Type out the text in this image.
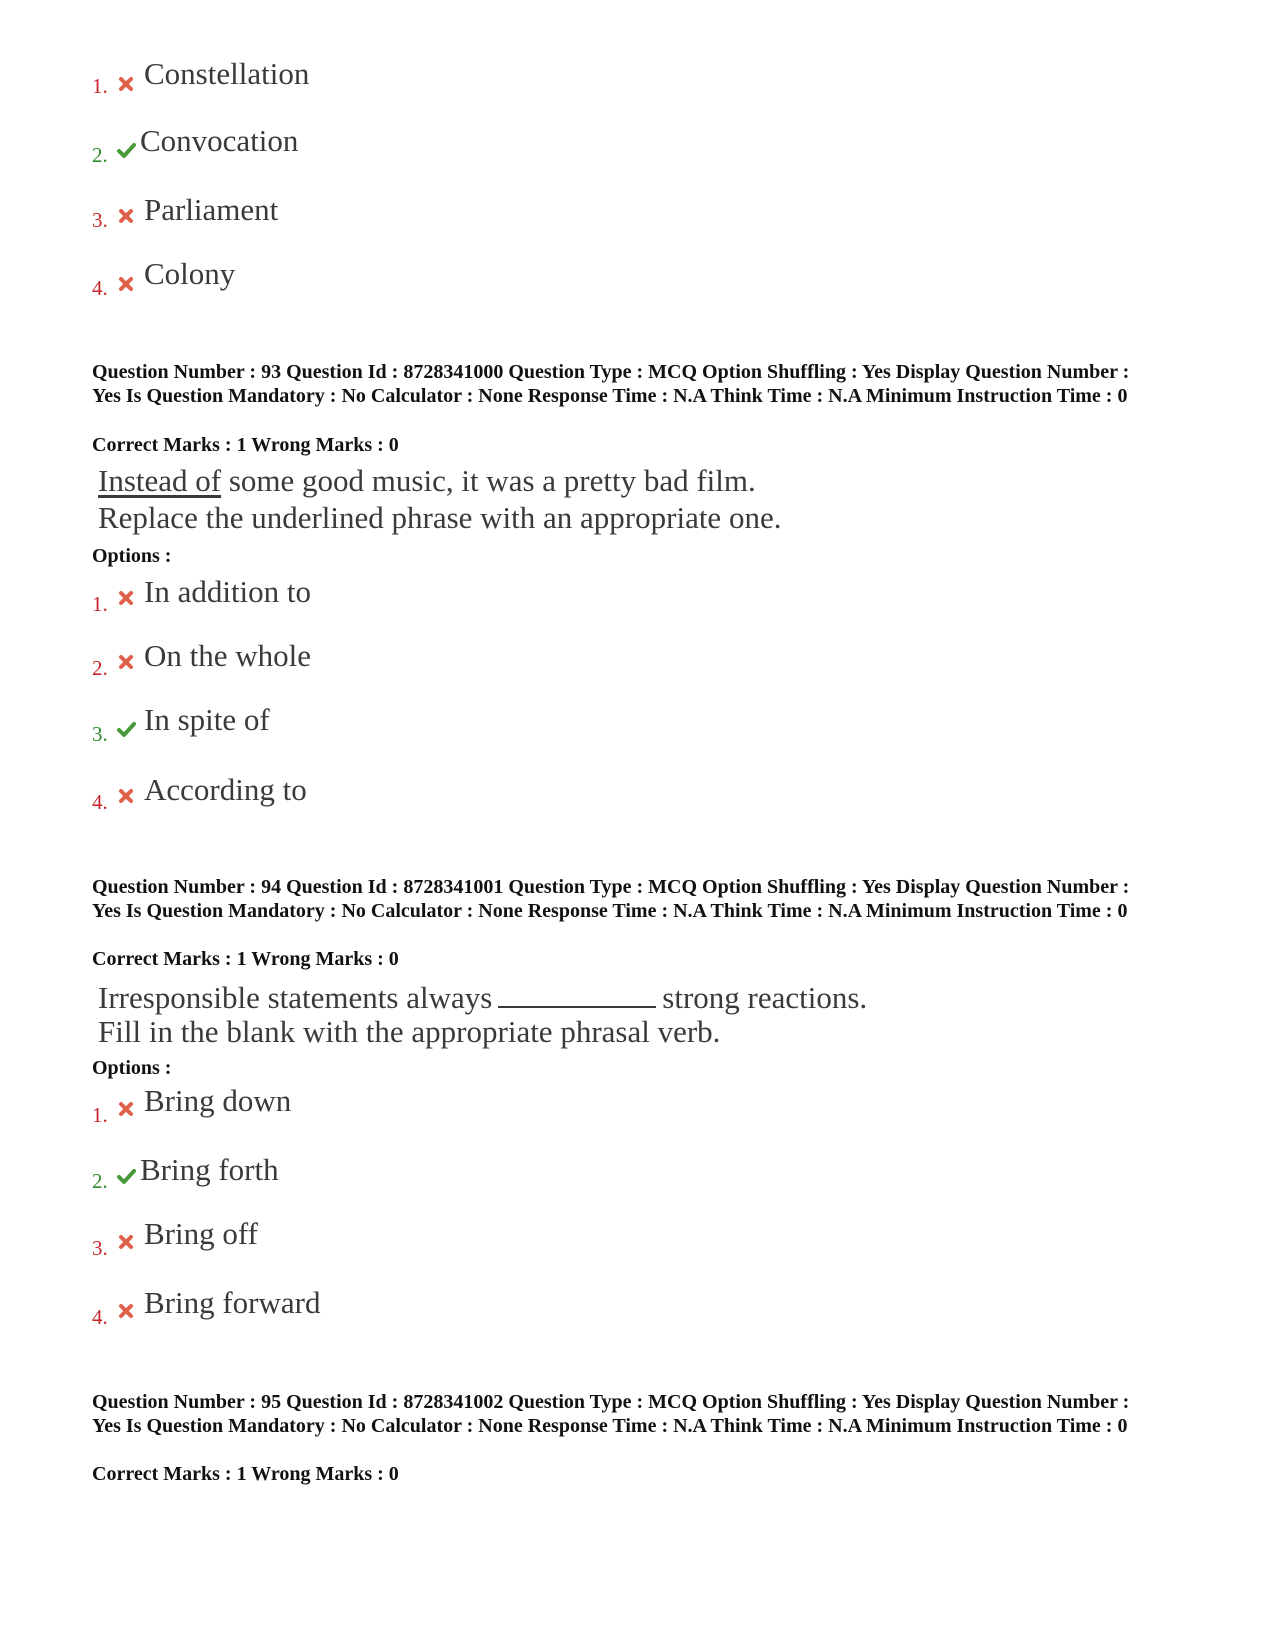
1. Constellation
2. Convocation
3. Parliament
4. Colony
Question Number : 93 Question Id : 8728341000 Question Type : MCQ Option Shuffling : Yes Display Question Number : Yes Is Question Mandatory : No Calculator : None Response Time : N.A Think Time : N.A Minimum Instruction Time : 0
Correct Marks : 1 Wrong Marks : 0
Instead of some good music, it was a pretty bad film.
Replace the underlined phrase with an appropriate one.
Options :
1. In addition to
2. On the whole
3. In spite of
4. According to
Question Number : 94 Question Id : 8728341001 Question Type : MCQ Option Shuffling : Yes Display Question Number : Yes Is Question Mandatory : No Calculator : None Response Time : N.A Think Time : N.A Minimum Instruction Time : 0
Correct Marks : 1 Wrong Marks : 0
Irresponsible statements always	strong reactions.
Fill in the blank with the appropriate phrasal verb.
Options :
1. Bring down
2. Bring forth
3. Bring off
4. Bring forward
Question Number : 95 Question Id : 8728341002 Question Type : MCQ Option Shuffling : Yes Display Question Number : Yes Is Question Mandatory : No Calculator : None Response Time : N.A Think Time : N.A Minimum Instruction Time : 0
Correct Marks : 1 Wrong Marks : 0
